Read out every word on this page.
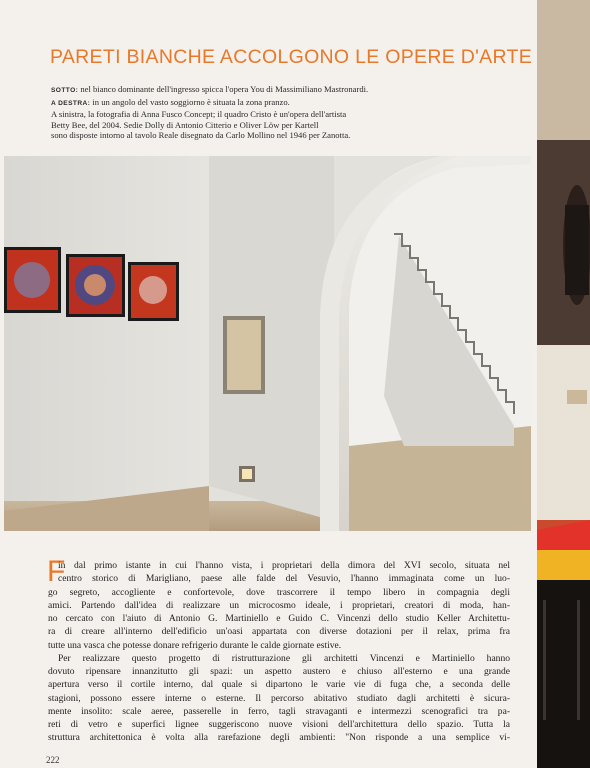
PARETI BIANCHE ACCOLGONO LE OPERE D'ARTE
SOTTO: nel bianco dominante dell'ingresso spicca l'opera You di Massimiliano Mastronardi.
A DESTRA: in un angolo del vasto soggiorno è situata la zona pranzo.
A sinistra, la fotografia di Anna Fusco Concept; il quadro Cristo è un'opera dell'artista
Betty Bee, del 2004. Sedie Dolly di Antonio Citterio e Oliver Löw per Kartell
sono disposte intorno al tavolo Reale disegnato da Carlo Mollino nel 1946 per Zanotta.
F
in dal primo istante in cui l'hanno vista, i proprietari della dimora del XVI secolo, situata nel
centro storico di Marigliano, paese alle falde del Vesuvio, l'hanno immaginata come un luo-
go segreto, accogliente e confortevole, dove trascorrere il tempo libero in compagnia degli
amici. Partendo dall'idea di realizzare un microcosmo ideale, i proprietari, creatori di moda, han-
no cercato con l'aiuto di Antonio G. Martiniello e Guido C. Vincenzi dello studio Keller Architettu-
ra di creare all'interno dell'edificio un'oasi appartata con diverse dotazioni per il relax, prima fra
tutte una vasca che potesse donare refrigerio durante le calde giornate estive.
Per realizzare questo progetto di ristrutturazione gli architetti Vincenzi e Martiniello hanno
dovuto ripensare innanzitutto gli spazi: un aspetto austero e chiuso all'esterno e una grande
apertura verso il cortile interno, dal quale si dipartono le varie vie di fuga che, a seconda delle
stagioni, possono essere interne o esterne. Il percorso abitativo studiato dagli architetti è sicura-
mente insolito: scale aeree, passerelle in ferro, tagli stravaganti e intermezzi scenografici tra pa-
reti di vetro e superfici lignee suggeriscono nuove visioni dell'architettura dello spazio. Tutta la
struttura architettonica è volta alla rarefazione degli ambienti: "Non risponde a una semplice vi-
222
